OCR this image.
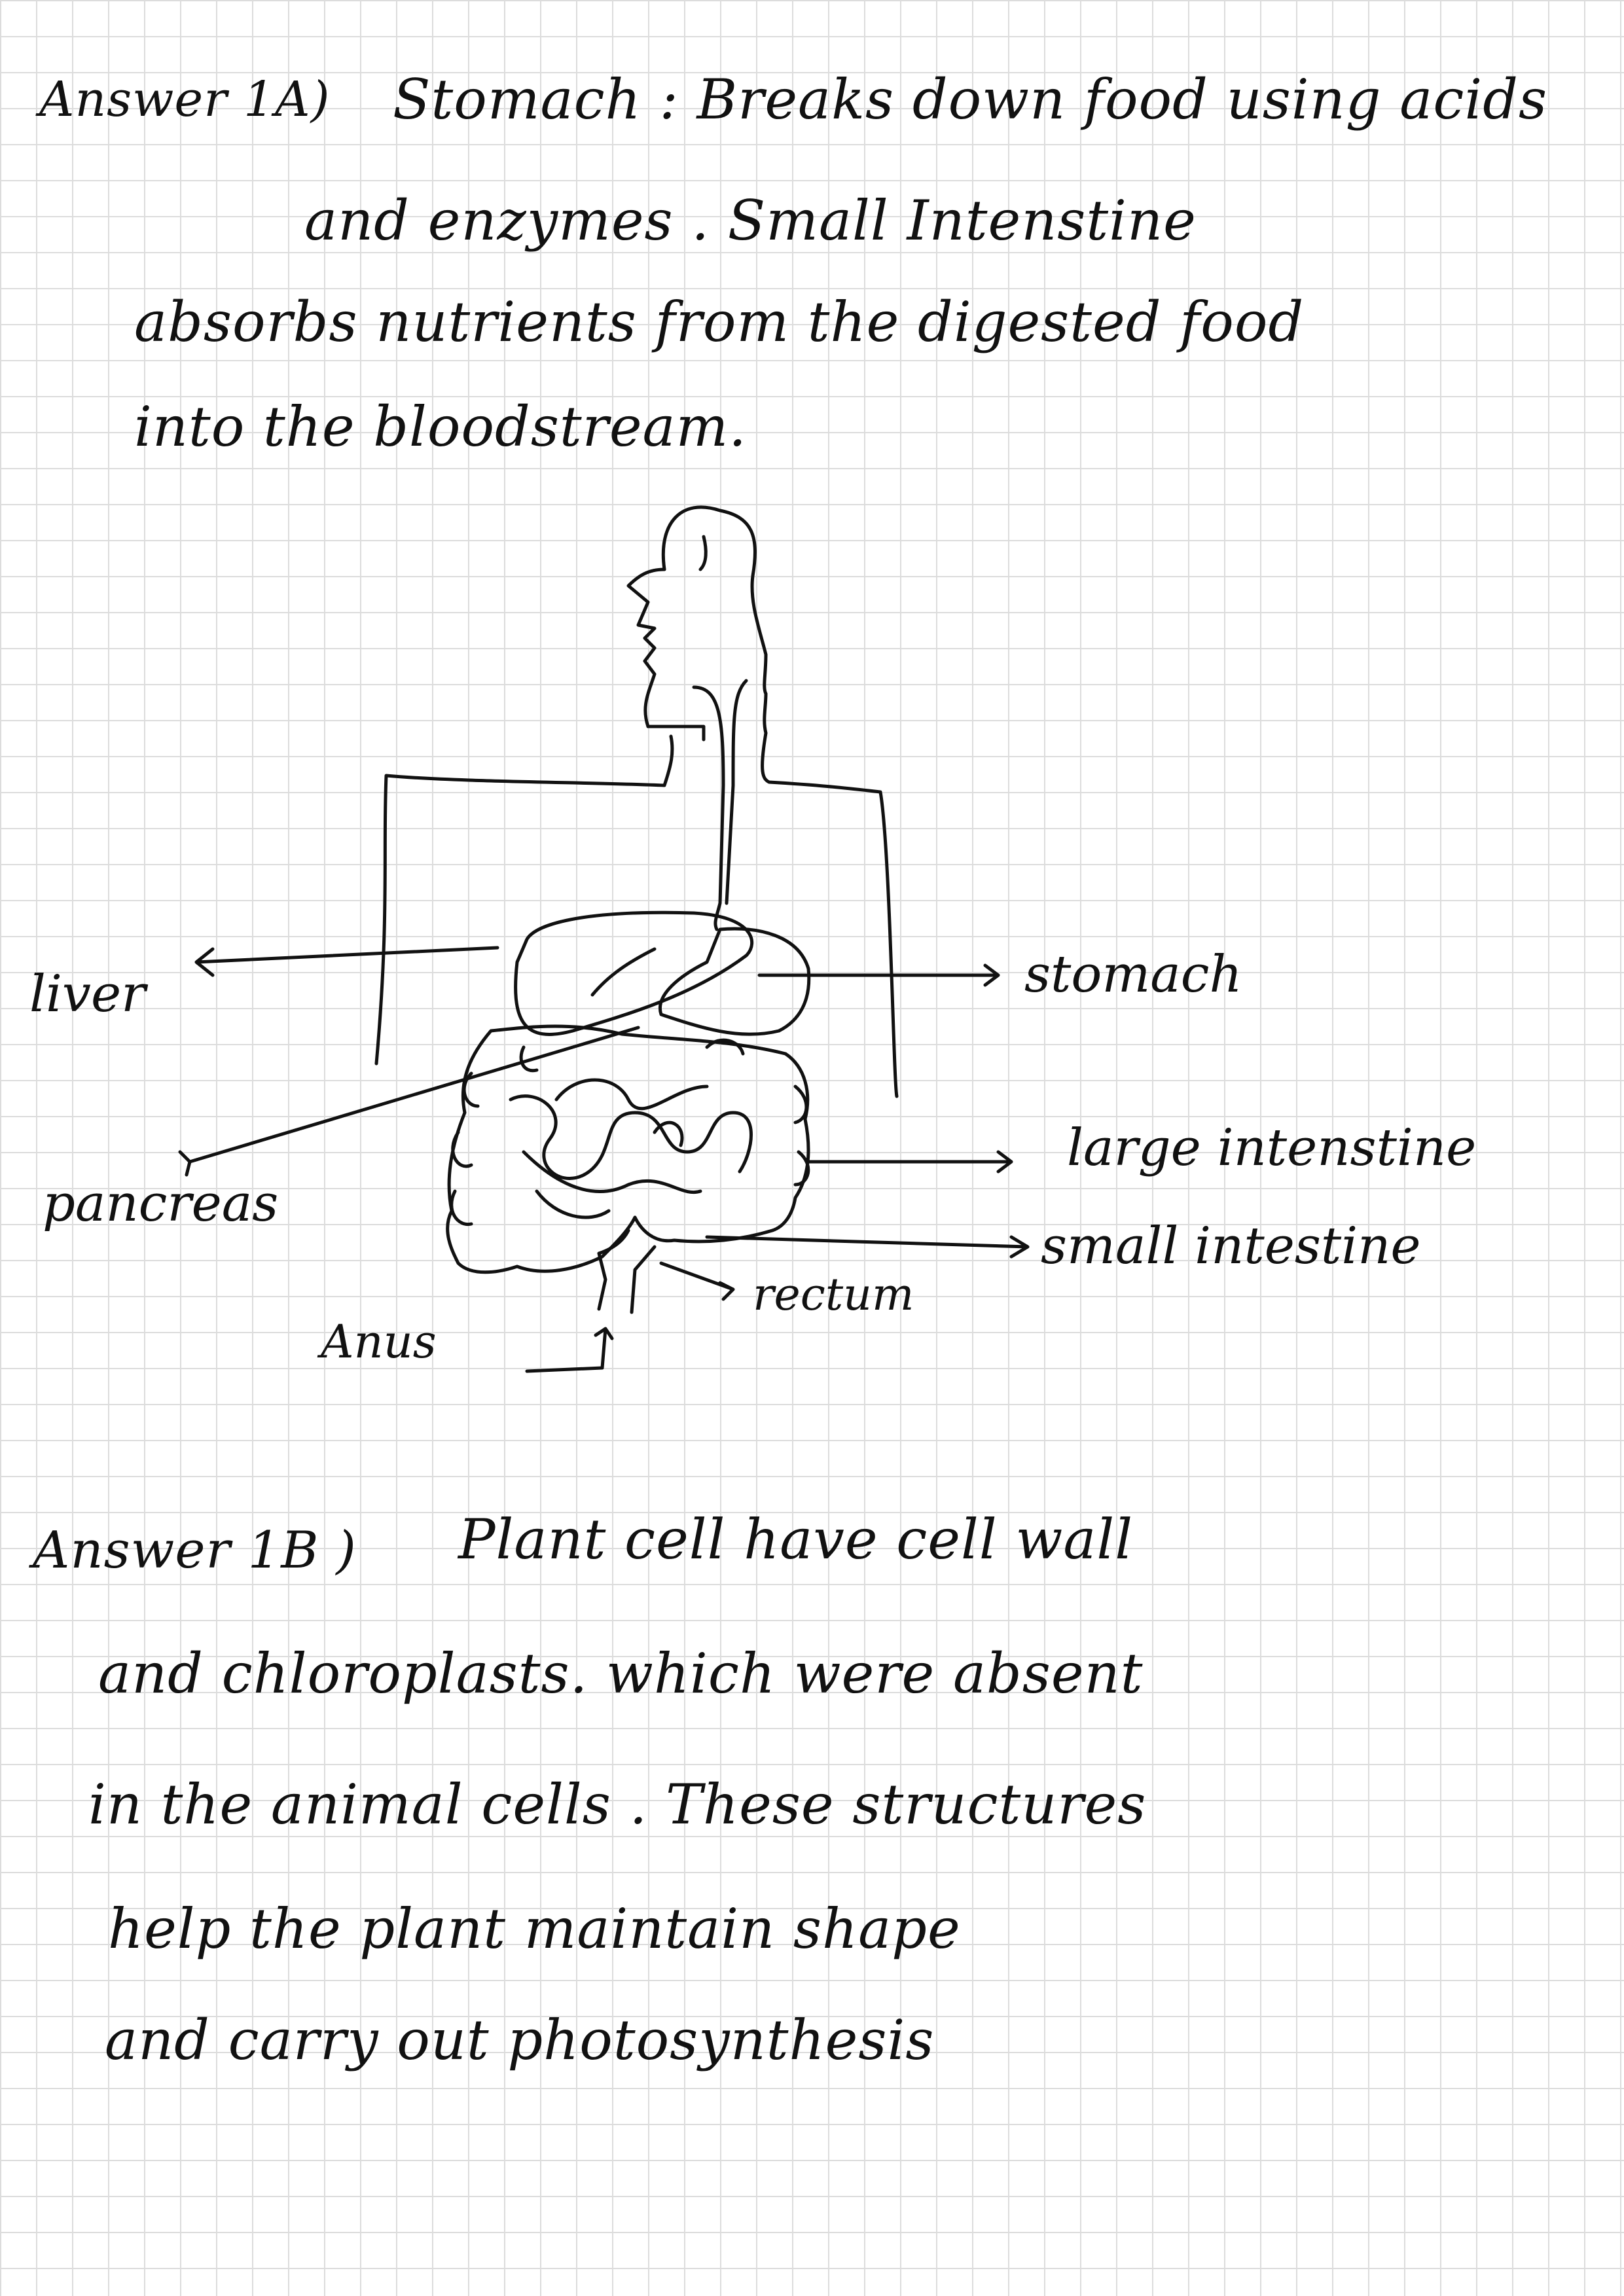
Answer 1A) Stomach : Breaks down food using acids
and enzymes . Small Intenstine
absorbs nutrients from the digested food
into the bloodstream.
liver
pancreas
stomach
large intenstine
small intestine
rectum
Anus
Answer 1B ) Plant cell have cell wall
and chloroplasts. which were absent
in the animal cells . These structures
help the plant maintain shape
and carry out photosynthesis
